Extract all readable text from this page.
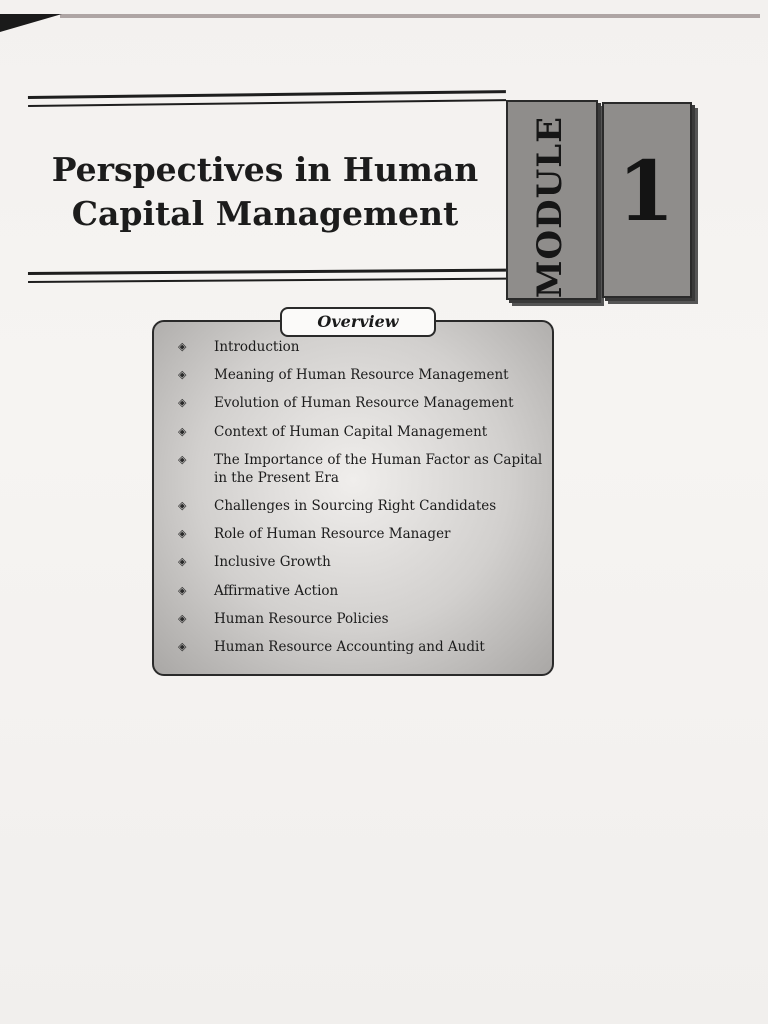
Perspectives in Human
Capital Management	MODULE 1
Overview
◈	Introduction
◈	Meaning of Human Resource Management
◈	Evolution of Human Resource Management
◈	Context of Human Capital Management
◈	The Importance of the Human Factor as Capital in the Present Era
◈	Challenges in Sourcing Right Candidates
◈	Role of Human Resource Manager
◈	Inclusive Growth
◈	Affirmative Action
◈	Human Resource Policies
◈	Human Resource Accounting and Audit
